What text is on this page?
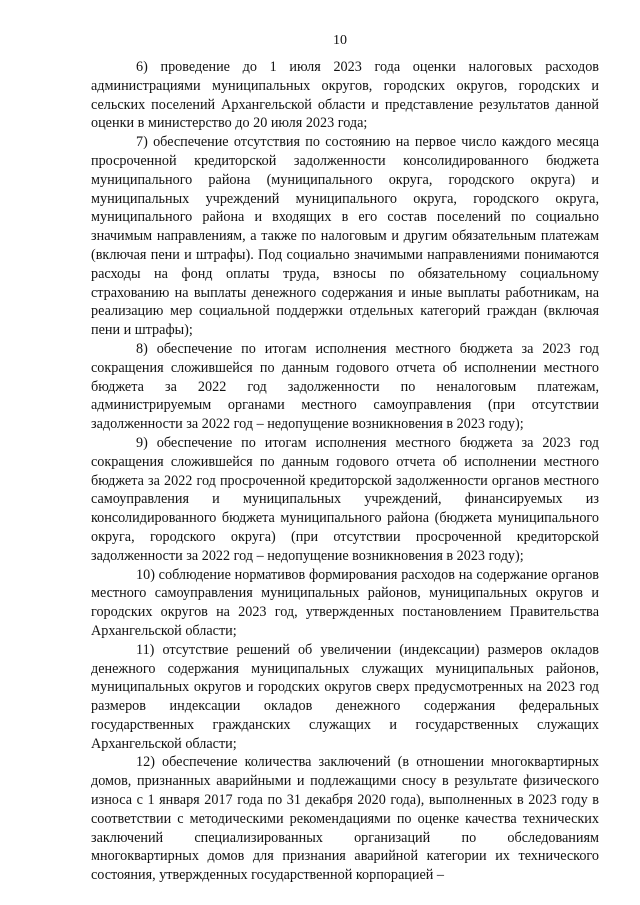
10

6) проведение до 1 июля 2023 года оценки налоговых расходов администрациями муниципальных округов, городских округов, городских и сельских поселений Архангельской области и представление результатов данной оценки в министерство до 20 июля 2023 года;

7) обеспечение отсутствия по состоянию на первое число каждого месяца просроченной кредиторской задолженности консолидированного бюджета муниципального района (муниципального округа, городского округа) и муниципальных учреждений муниципального округа, городского округа, муниципального района и входящих в его состав поселений по социально значимым направлениям, а также по налоговым и другим обязательным платежам (включая пени и штрафы). Под социально значимыми направлениями понимаются расходы на фонд оплаты труда, взносы по обязательному социальному страхованию на выплаты денежного содержания и иные выплаты работникам, на реализацию мер социальной поддержки отдельных категорий граждан (включая пени и штрафы);

8) обеспечение по итогам исполнения местного бюджета за 2023 год сокращения сложившейся по данным годового отчета об исполнении местного бюджета за 2022 год задолженности по неналоговым платежам, администрируемым органами местного самоуправления (при отсутствии задолженности за 2022 год – недопущение возникновения в 2023 году);

9) обеспечение по итогам исполнения местного бюджета за 2023 год сокращения сложившейся по данным годового отчета об исполнении местного бюджета за 2022 год просроченной кредиторской задолженности органов местного самоуправления и муниципальных учреждений, финансируемых из консолидированного бюджета муниципального района (бюджета муниципального округа, городского округа) (при отсутствии просроченной кредиторской задолженности за 2022 год – недопущение возникновения в 2023 году);

10) соблюдение нормативов формирования расходов на содержание органов местного самоуправления муниципальных районов, муниципальных округов и городских округов на 2023 год, утвержденных постановлением Правительства Архангельской области;

11) отсутствие решений об увеличении (индексации) размеров окладов денежного содержания муниципальных служащих муниципальных районов, муниципальных округов и городских округов сверх предусмотренных на 2023 год размеров индексации окладов денежного содержания федеральных государственных гражданских служащих и государственных служащих Архангельской области;

12) обеспечение количества заключений (в отношении многоквартирных домов, признанных аварийными и подлежащими сносу в результате физического износа с 1 января 2017 года по 31 декабря 2020 года), выполненных в 2023 году в соответствии с методическими рекомендациями по оценке качества технических заключений специализированных организаций по обследованиям многоквартирных домов для признания аварийной категории их технического состояния, утвержденных государственной корпорацией –
